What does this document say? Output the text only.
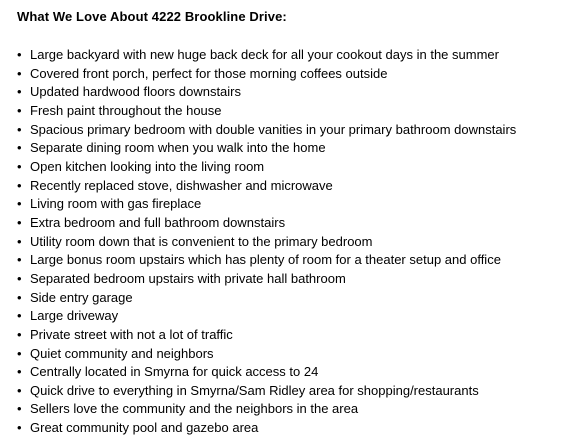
What We Love About 4222 Brookline Drive:
• Large backyard with new huge back deck for all your cookout days in the summer
• Covered front porch, perfect for those morning coffees outside
• Updated hardwood floors downstairs
• Fresh paint throughout the house
• Spacious primary bedroom with double vanities in your primary bathroom downstairs
• Separate dining room when you walk into the home
• Open kitchen looking into the living room
• Recently replaced stove, dishwasher and microwave
• Living room with gas fireplace
• Extra bedroom and full bathroom downstairs
• Utility room down that is convenient to the primary bedroom
• Large bonus room upstairs which has plenty of room for a theater setup and office
• Separated bedroom upstairs with private hall bathroom
• Side entry garage
• Large driveway
• Private street with not a lot of traffic
• Quiet community and neighbors
• Centrally located in Smyrna for quick access to 24
• Quick drive to everything in Smyrna/Sam Ridley area for shopping/restaurants
• Sellers love the community and the neighbors in the area
• Great community pool and gazebo area
